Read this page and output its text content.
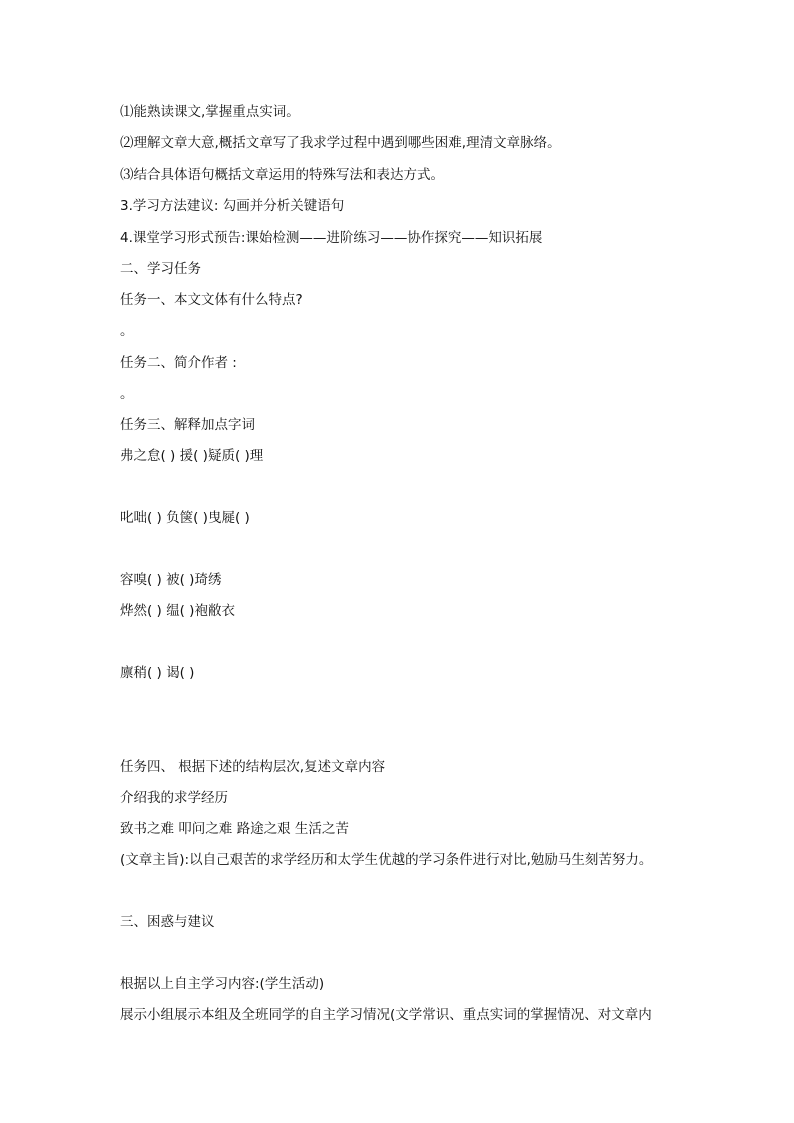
⑴能熟读课文,掌握重点实词。
⑵理解文章大意,概括文章写了我求学过程中遇到哪些困难,理清文章脉络。
⑶结合具体语句概括文章运用的特殊写法和表达方式。
3.学习方法建议: 勾画并分析关键语句
4.课堂学习形式预告:课始检测——进阶练习——协作探究——知识拓展
二、学习任务
任务一、本文文体有什么特点?
。
任务二、简介作者 :
。
任务三、解释加点字词
弗之怠( ) 援( )疑质( )理
叱咄( ) 负箧( )曳屣( )
容嗅( ) 被( )琦绣
烨然( ) 缊( )袍敝衣
廪稍( ) 谒( )
任务四、 根据下述的结构层次,复述文章内容
介绍我的求学经历
致书之难 叩问之难 路途之艰 生活之苦
(文章主旨):以自己艰苦的求学经历和太学生优越的学习条件进行对比,勉励马生刻苦努力。
三、困惑与建议
根据以上自主学习内容:(学生活动)
展示小组展示本组及全班同学的自主学习情况(文学常识、重点实词的掌握情况、对文章内
